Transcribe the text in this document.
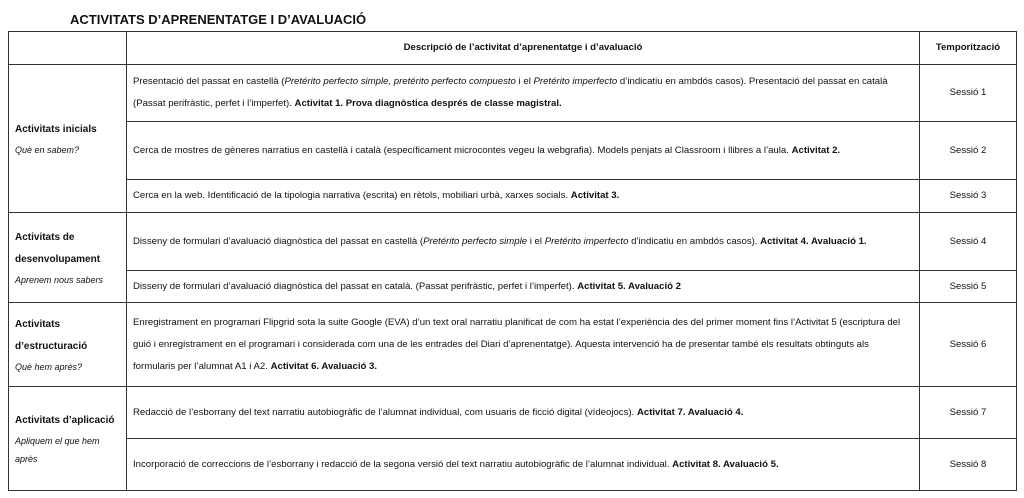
ACTIVITATS D’APRENENTATGE I D’AVALUACIÓ
	Descripció de l’activitat d’aprenentatge i d’avaluació	Temporització

Activitats inicials
Què en sabem?	Presentació del passat en castellà (Pretérito perfecto simple, pretérito perfecto compuesto i el Pretérito imperfecto d’indicatiu en ambdós casos). Presentació del passat en català (Passat perifràstic, perfet i l’imperfet). Activitat 1. Prova diagnòstica després de classe magistral.	Sessió 1
	Cerca de mostres de gèneres narratius en castellà i català (específicament microcontes vegeu la webgrafia). Models penjats al Classroom i llibres a l’aula. Activitat 2.	Sessió 2
	Cerca en la web. Identificació de la tipologia narrativa (escrita) en rètols, mobiliari urbà, xarxes socials. Activitat 3.	Sessió 3

Activitats de desenvolupament
Aprenem nous sabers	Disseny de formulari d’avaluació diagnòstica del passat en castellà (Pretérito perfecto simple i el Pretérito imperfecto d’indicatiu en ambdós casos). Activitat 4. Avaluació 1.	Sessió 4
	Disseny de formulari d’avaluació diagnòstica del passat en català. (Passat perifràstic, perfet i l’imperfet). Activitat 5. Avaluació 2	Sessió 5

Activitats d’estructuració
Què hem après?	Enregistrament en programari Flipgrid sota la suite Google (EVA) d’un text oral narratiu planificat de com ha estat l’experiència des del primer moment fins l’Activitat 5 (escriptura del guió i enregistrament en el programari i considerada com una de les entrades del Diari d’aprenentatge). Aquesta intervenció ha de presentar també els resultats obtinguts als formularis per l’alumnat A1 i A2. Activitat 6. Avaluació 3.	Sessió 6

Activitats d’aplicació
Apliquem el que hem après	Redacció de l’esborrany del text narratiu autobiogràfic de l’alumnat individual, com usuaris de ficció digital (vídeojocs). Activitat 7. Avaluació 4.	Sessió 7
	Incorporació de correccions de l’esborrany i redacció de la segona versió del text narratiu autobiogràfic de l’alumnat individual. Activitat 8. Avaluació 5.	Sessió 8
